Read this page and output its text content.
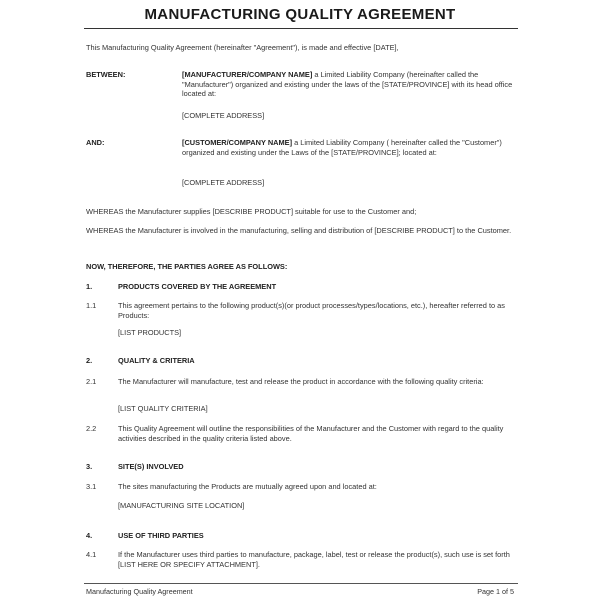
MANUFACTURING QUALITY AGREEMENT
This Manufacturing Quality Agreement (hereinafter "Agreement"), is made and effective [DATE],
BETWEEN:	[MANUFACTURER/COMPANY NAME] a Limited Liability Company (hereinafter called the "Manufacturer") organized and existing under the laws of the [STATE/PROVINCE] with its head office located at:
[COMPLETE ADDRESS]
AND:	[CUSTOMER/COMPANY NAME] a Limited Liability Company ( hereinafter called the "Customer") organized and existing under the Laws of the [STATE/PROVINCE]; located at:
[COMPLETE ADDRESS]
WHEREAS the Manufacturer supplies [DESCRIBE PRODUCT] suitable for use to the Customer and;
WHEREAS the Manufacturer is involved in the manufacturing, selling and distribution of [DESCRIBE PRODUCT] to the Customer.
NOW, THEREFORE, THE PARTIES AGREE AS FOLLOWS:
1.	PRODUCTS COVERED BY THE AGREEMENT
1.1	This agreement pertains to the following product(s)(or product processes/types/locations, etc.), hereafter referred to as Products:
[LIST PRODUCTS]
2.	QUALITY & CRITERIA
2.1	The Manufacturer will manufacture, test and release the product in accordance with the following quality criteria:
[LIST QUALITY CRITERIA]
2.2	This Quality Agreement will outline the responsibilities of the Manufacturer and the Customer with regard to the quality activities described in the quality criteria listed above.
3.	SITE(S) INVOLVED
3.1	The sites manufacturing the Products are mutually agreed upon and located at:
[MANUFACTURING SITE LOCATION]
4.	USE OF THIRD PARTIES
4.1	If the Manufacturer uses third parties to manufacture, package, label, test or release the product(s), such use is set forth [LIST HERE OR SPECIFY ATTACHMENT].
Manufacturing Quality Agreement	Page 1 of 5
